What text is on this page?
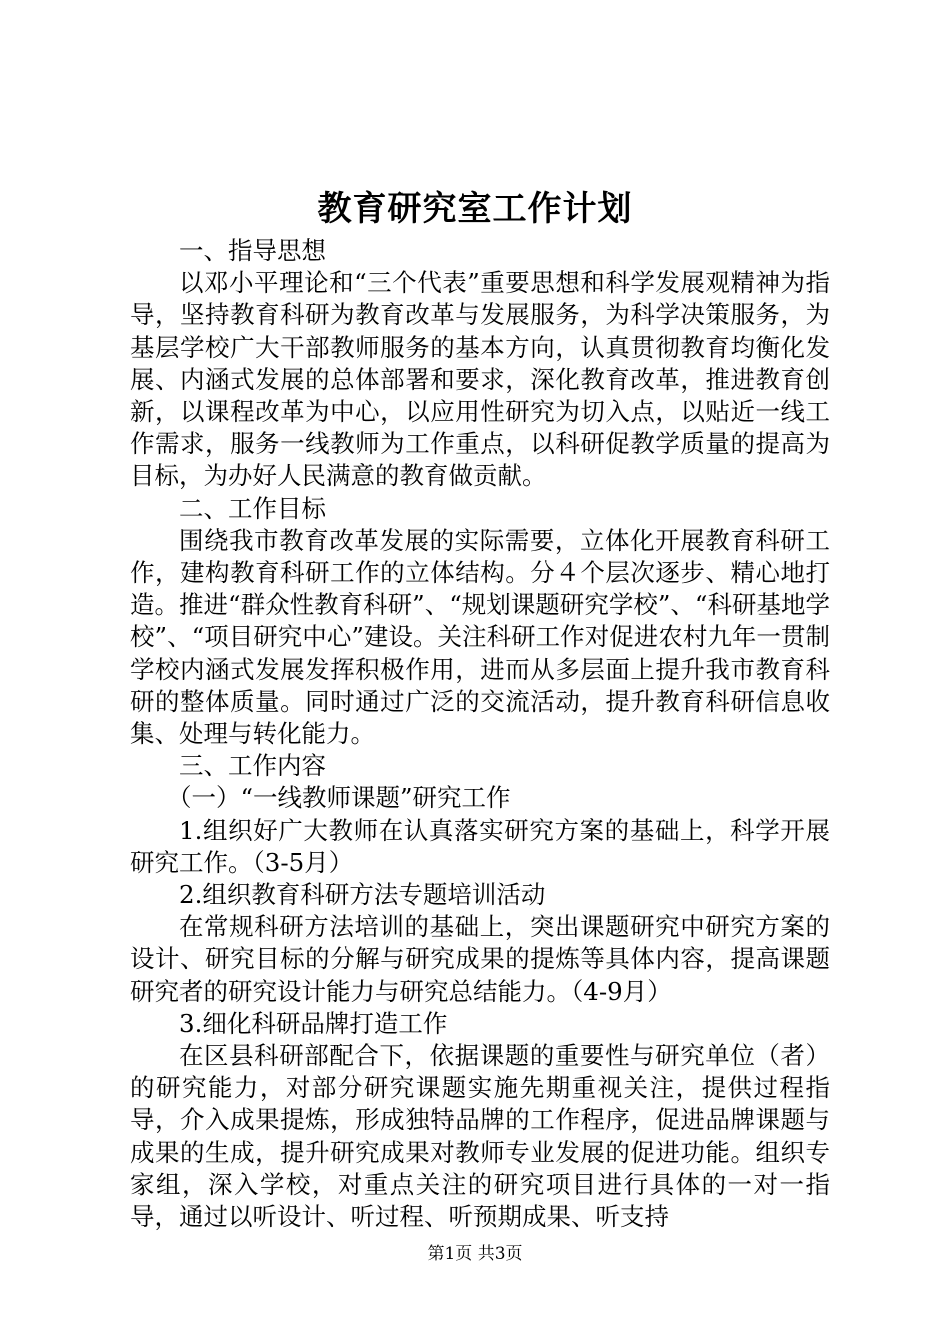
教育研究室工作计划

一、指导思想

以邓小平理论和“三个代表”重要思想和科学发展观精神为指导，坚持教育科研为教育改革与发展服务，为科学决策服务，为基层学校广大干部教师服务的基本方向，认真贯彻教育均衡化发展、内涵式发展的总体部署和要求，深化教育改革，推进教育创新，以课程改革为中心，以应用性研究为切入点，以贴近一线工作需求，服务一线教师为工作重点，以科研促教学质量的提高为目标，为办好人民满意的教育做贡献。

二、工作目标

围绕我市教育改革发展的实际需要，立体化开展教育科研工作，建构教育科研工作的立体结构。分４个层次逐步、精心地打造。推进“群众性教育科研”、“规划课题研究学校”、“科研基地学校”、“项目研究中心”建设。关注科研工作对促进农村九年一贯制学校内涵式发展发挥积极作用，进而从多层面上提升我市教育科研的整体质量。同时通过广泛的交流活动，提升教育科研信息收集、处理与转化能力。

三、工作内容

（一）“一线教师课题”研究工作

1.组织好广大教师在认真落实研究方案的基础上，科学开展研究工作。（3-5月）

2.组织教育科研方法专题培训活动

在常规科研方法培训的基础上，突出课题研究中研究方案的设计、研究目标的分解与研究成果的提炼等具体内容，提高课题研究者的研究设计能力与研究总结能力。（4-9月）

3.细化科研品牌打造工作

在区县科研部配合下，依据课题的重要性与研究单位（者）的研究能力，对部分研究课题实施先期重视关注，提供过程指导，介入成果提炼，形成独特品牌的工作程序，促进品牌课题与成果的生成，提升研究成果对教师专业发展的促进功能。组织专家组，深入学校，对重点关注的研究项目进行具体的一对一指导，通过以听设计、听过程、听预期成果、听支持

第1页 共3页
